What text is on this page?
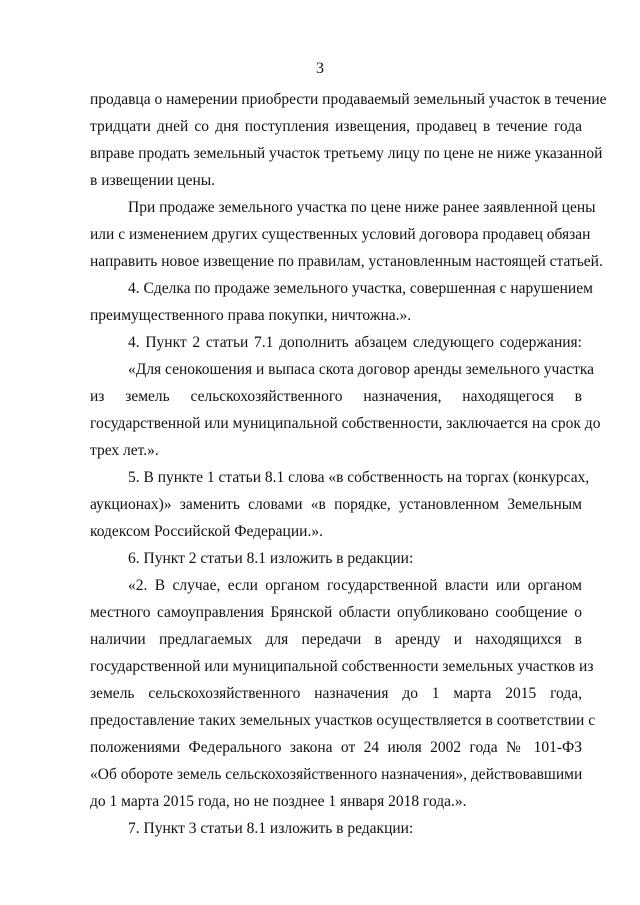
3
продавца о намерении приобрести продаваемый земельный участок в течение
тридцати дней со дня поступления извещения, продавец в течение года
вправе продать земельный участок третьему лицу по цене не ниже указанной
в извещении цены.
При продаже земельного участка по цене ниже ранее заявленной цены
или с изменением других существенных условий договора продавец обязан
направить новое извещение по правилам, установленным настоящей статьей.
4. Сделка по продаже земельного участка, совершенная с нарушением
преимущественного права покупки, ничтожна.».
4. Пункт 2 статьи 7.1 дополнить абзацем следующего содержания:
«Для сенокошения и выпаса скота договор аренды земельного участка
из земель сельскохозяйственного назначения, находящегося в
государственной или муниципальной собственности, заключается на срок до
трех лет.».
5. В пункте 1 статьи 8.1 слова «в собственность на торгах (конкурсах,
аукционах)» заменить словами «в порядке, установленном Земельным
кодексом Российской Федерации.».
6. Пункт 2 статьи 8.1 изложить в редакции:
«2. В случае, если органом государственной власти или органом
местного самоуправления Брянской области опубликовано сообщение о
наличии предлагаемых для передачи в аренду и находящихся в
государственной или муниципальной собственности земельных участков из
земель сельскохозяйственного назначения до 1 марта 2015 года,
предоставление таких земельных участков осуществляется в соответствии с
положениями Федерального закона от 24 июля 2002 года № 101-ФЗ
«Об обороте земель сельскохозяйственного назначения», действовавшими
до 1 марта 2015 года, но не позднее 1 января 2018 года.».
7. Пункт 3 статьи 8.1 изложить в редакции:
